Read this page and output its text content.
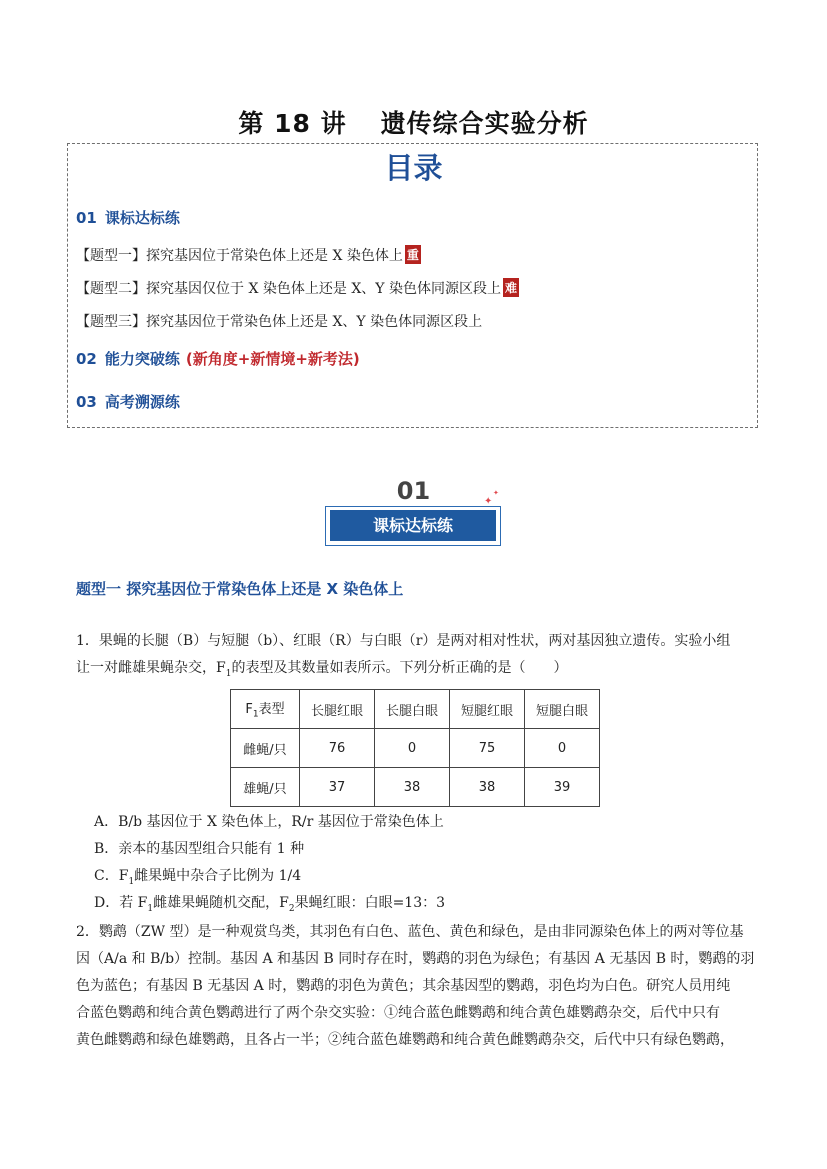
第 18 讲 遗传综合实验分析
目录
01 课标达标练
【题型一】探究基因位于常染色体上还是 X 染色体上 重
【题型二】探究基因仅位于 X 染色体上还是 X、Y 染色体同源区段上 难
【题型三】探究基因位于常染色体上还是 X、Y 染色体同源区段上
02 能力突破练 (新角度+新情境+新考法)
03 高考溯源练
01
课标达标练
✦
✦
题型一 探究基因位于常染色体上还是 X 染色体上
1．果蝇的长腿（B）与短腿（b）、红眼（R）与白眼（r）是两对相对性状，两对基因独立遗传。实验小组
让一对雌雄果蝇杂交，$F_1$的表型及其数量如表所示。下列分析正确的是（　　）
$F_1$表型	长腿红眼	长腿白眼	短腿红眼	短腿白眼
雌蝇/只	76	0	75	0
雄蝇/只	37	38	38	39
A．B/b 基因位于 X 染色体上，R/r 基因位于常染色体上
B．亲本的基因型组合只能有 1 种
C．$F_1$雌果蝇中杂合子比例为 1/4
D．若 $F_1$雌雄果蝇随机交配，$F_2$果蝇红眼：白眼=13：3
2．鹦鹉（ZW 型）是一种观赏鸟类，其羽色有白色、蓝色、黄色和绿色，是由非同源染色体上的两对等位基
因（A/a 和 B/b）控制。基因 A 和基因 B 同时存在时，鹦鹉的羽色为绿色；有基因 A 无基因 B 时，鹦鹉的羽
色为蓝色；有基因 B 无基因 A 时，鹦鹉的羽色为黄色；其余基因型的鹦鹉，羽色均为白色。研究人员用纯
合蓝色鹦鹉和纯合黄色鹦鹉进行了两个杂交实验：①纯合蓝色雌鹦鹉和纯合黄色雄鹦鹉杂交，后代中只有
黄色雌鹦鹉和绿色雄鹦鹉，且各占一半；②纯合蓝色雄鹦鹉和纯合黄色雌鹦鹉杂交，后代中只有绿色鹦鹉，
